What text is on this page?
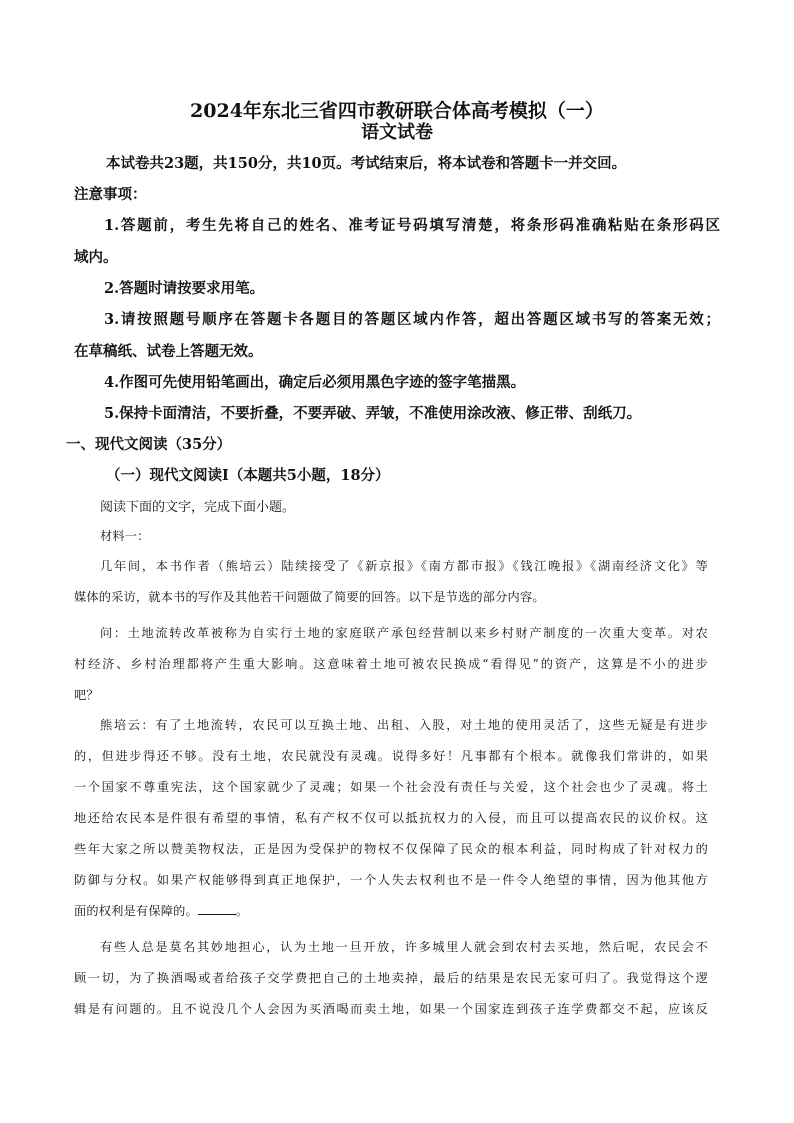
2024年东北三省四市教研联合体高考模拟（一）
语文试卷
本试卷共23题，共150分，共10页。考试结束后，将本试卷和答题卡一并交回。
注意事项：
1.答题前，考生先将自己的姓名、准考证号码填写清楚，将条形码准确粘贴在条形码区
域内。
2.答题时请按要求用笔。
3.请按照题号顺序在答题卡各题目的答题区域内作答，超出答题区域书写的答案无效；
在草稿纸、试卷上答题无效。
4.作图可先使用铅笔画出，确定后必须用黑色字迹的签字笔描黑。
5.保持卡面清洁，不要折叠，不要弄破、弄皱，不准使用涂改液、修正带、刮纸刀。
一、现代文阅读（35分）
（一）现代文阅读Ⅰ（本题共5小题，18分）
阅读下面的文字，完成下面小题。
材料一：
几年间，本书作者（熊培云）陆续接受了《新京报》《南方都市报》《钱江晚报》《湖南经济文化》等
媒体的采访，就本书的写作及其他若干问题做了简要的回答。以下是节选的部分内容。
问：土地流转改革被称为自实行土地的家庭联产承包经营制以来乡村财产制度的一次重大变革。对农
村经济、乡村治理都将产生重大影响。这意味着土地可被农民换成“看得见”的资产，这算是不小的进步
吧？
熊培云：有了土地流转，农民可以互换土地、出租、入股，对土地的使用灵活了，这些无疑是有进步
的，但进步得还不够。没有土地，农民就没有灵魂。说得多好！凡事都有个根本。就像我们常讲的，如果
一个国家不尊重宪法，这个国家就少了灵魂；如果一个社会没有责任与关爱，这个社会也少了灵魂。将土
地还给农民本是件很有希望的事情，私有产权不仅可以抵抗权力的入侵，而且可以提高农民的议价权。这
些年大家之所以赞美物权法，正是因为受保护的物权不仅保障了民众的根本利益，同时构成了针对权力的
防御与分权。如果产权能够得到真正地保护，一个人失去权利也不是一件令人绝望的事情，因为他其他方
面的权利是有保障的。	。
有些人总是莫名其妙地担心，认为土地一旦开放，许多城里人就会到农村去买地，然后呢，农民会不
顾一切，为了换酒喝或者给孩子交学费把自己的土地卖掉，最后的结果是农民无家可归了。我觉得这个逻
辑是有问题的。且不说没几个人会因为买酒喝而卖土地，如果一个国家连到孩子连学费都交不起，应该反
